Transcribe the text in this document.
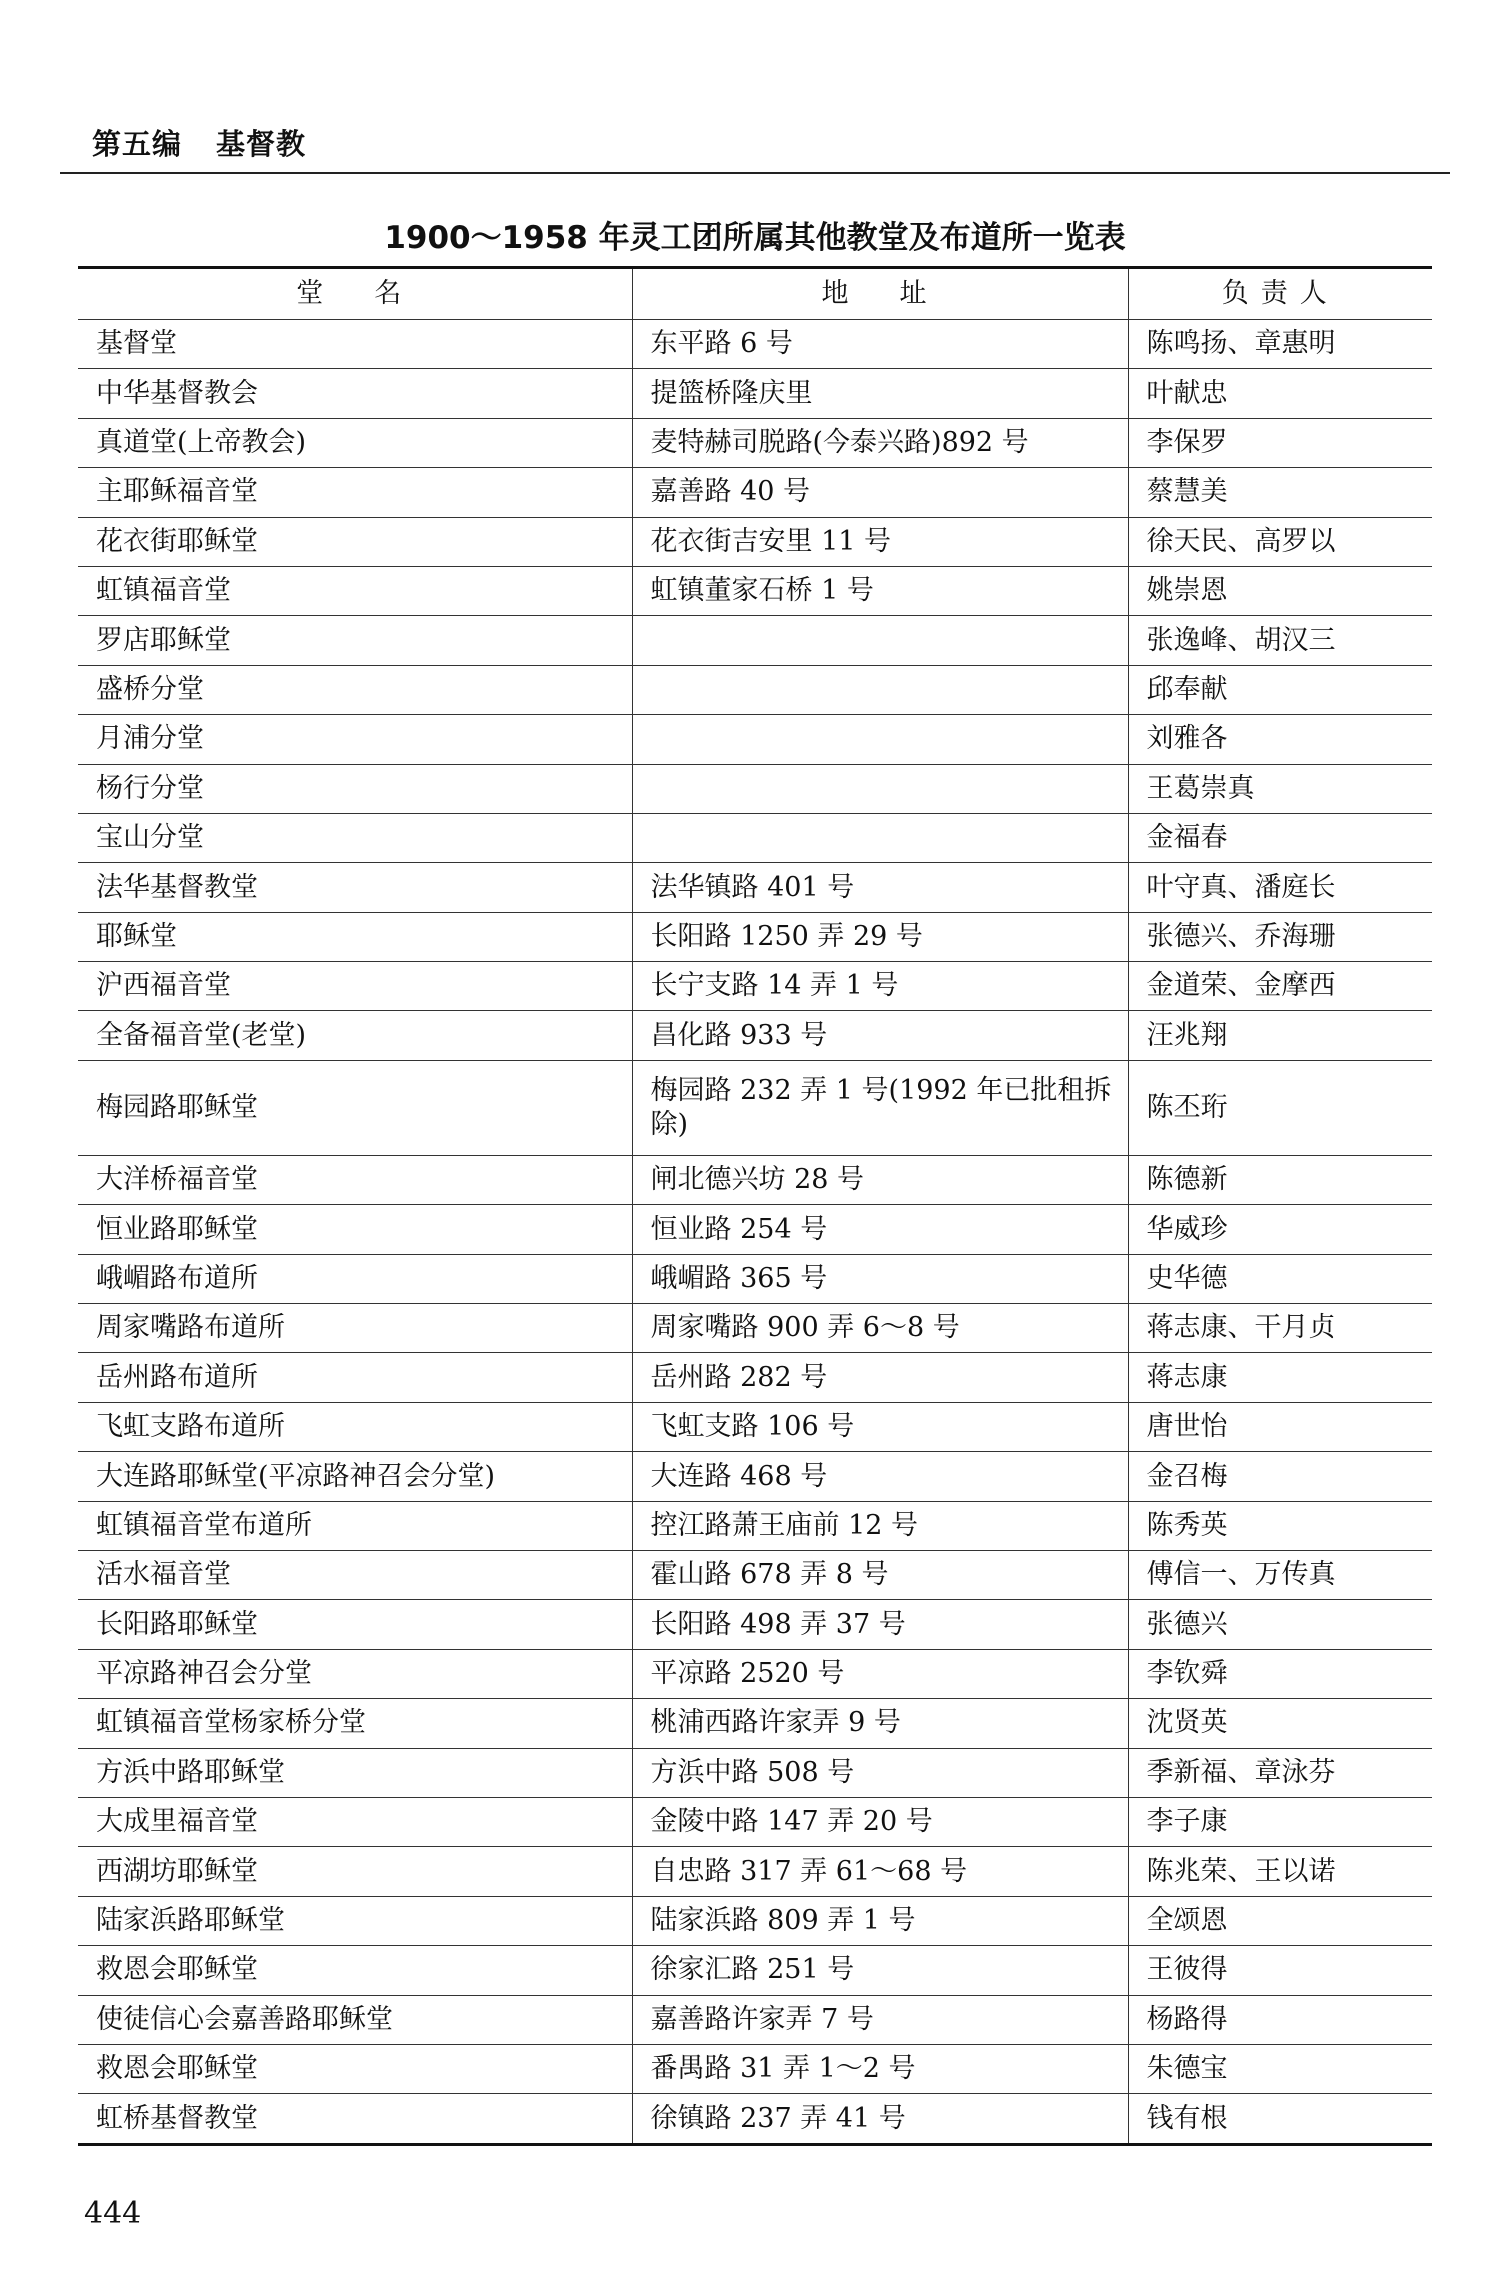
第五编 基督教
1900～1958 年灵工团所属其他教堂及布道所一览表
堂　名	地　址	负责人
基督堂	东平路 6 号	陈鸣扬、章惠明
中华基督教会	提篮桥隆庆里	叶献忠
真道堂(上帝教会)	麦特赫司脱路(今泰兴路)892 号	李保罗
主耶稣福音堂	嘉善路 40 号	蔡慧美
花衣街耶稣堂	花衣街吉安里 11 号	徐天民、高罗以
虹镇福音堂	虹镇董家石桥 1 号	姚崇恩
罗店耶稣堂		张逸峰、胡汉三
盛桥分堂		邱奉献
月浦分堂		刘雅各
杨行分堂		王葛崇真
宝山分堂		金福春
法华基督教堂	法华镇路 401 号	叶守真、潘庭长
耶稣堂	长阳路 1250 弄 29 号	张德兴、乔海珊
沪西福音堂	长宁支路 14 弄 1 号	金道荣、金摩西
全备福音堂(老堂)	昌化路 933 号	汪兆翔
梅园路耶稣堂	梅园路 232 弄 1 号(1992 年已批租拆除)	陈丕珩
大洋桥福音堂	闸北德兴坊 28 号	陈德新
恒业路耶稣堂	恒业路 254 号	华威珍
峨嵋路布道所	峨嵋路 365 号	史华德
周家嘴路布道所	周家嘴路 900 弄 6～8 号	蒋志康、干月贞
岳州路布道所	岳州路 282 号	蒋志康
飞虹支路布道所	飞虹支路 106 号	唐世怡
大连路耶稣堂(平凉路神召会分堂)	大连路 468 号	金召梅
虹镇福音堂布道所	控江路萧王庙前 12 号	陈秀英
活水福音堂	霍山路 678 弄 8 号	傅信一、万传真
长阳路耶稣堂	长阳路 498 弄 37 号	张德兴
平凉路神召会分堂	平凉路 2520 号	李钦舜
虹镇福音堂杨家桥分堂	桃浦西路许家弄 9 号	沈贤英
方浜中路耶稣堂	方浜中路 508 号	季新福、章泳芬
大成里福音堂	金陵中路 147 弄 20 号	李子康
西湖坊耶稣堂	自忠路 317 弄 61～68 号	陈兆荣、王以诺
陆家浜路耶稣堂	陆家浜路 809 弄 1 号	全颂恩
救恩会耶稣堂	徐家汇路 251 号	王彼得
使徒信心会嘉善路耶稣堂	嘉善路许家弄 7 号	杨路得
救恩会耶稣堂	番禺路 31 弄 1～2 号	朱德宝
虹桥基督教堂	徐镇路 237 弄 41 号	钱有根
444
